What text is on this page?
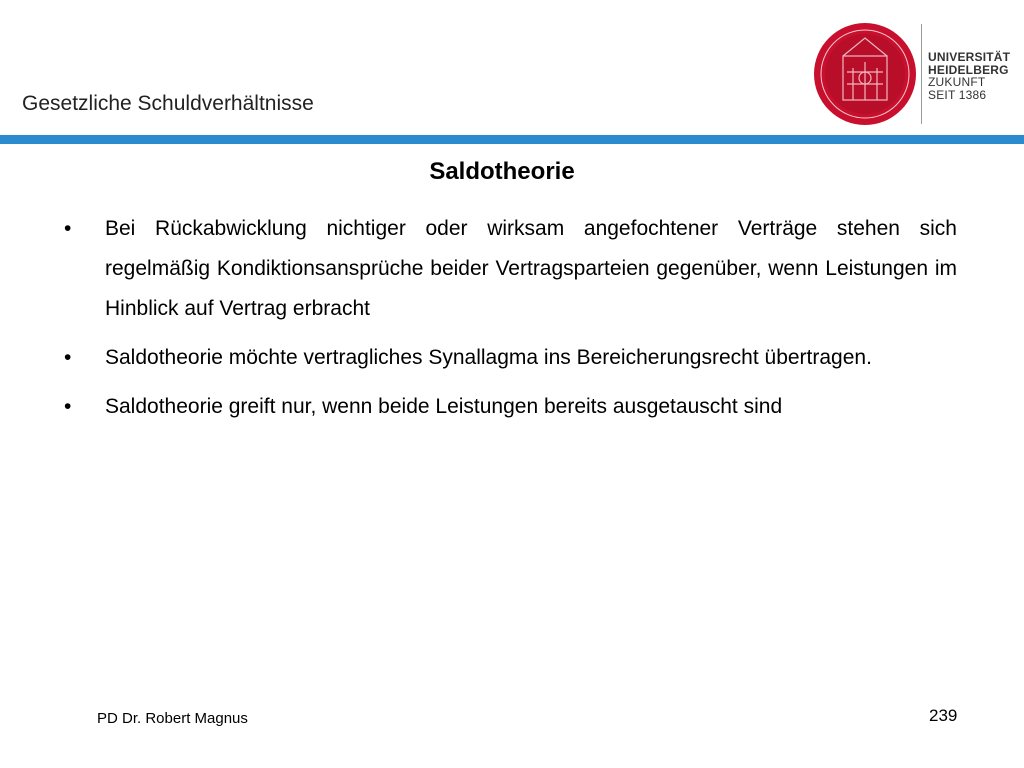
Gesetzliche Schuldverhältnisse
UNIVERSITÄT
HEIDELBERG
ZUKUNFT
SEIT 1386
Saldotheorie
•	Bei Rückabwicklung nichtiger oder wirksam angefochtener Verträge stehen sich regelmäßig Kondiktionsansprüche beider Vertragsparteien gegenüber, wenn Leistungen im Hinblick auf Vertrag erbracht
•	Saldotheorie möchte vertragliches Synallagma ins Bereicherungsrecht übertragen.
•	Saldotheorie greift nur, wenn beide Leistungen bereits ausgetauscht sind
PD Dr. Robert Magnus	239
